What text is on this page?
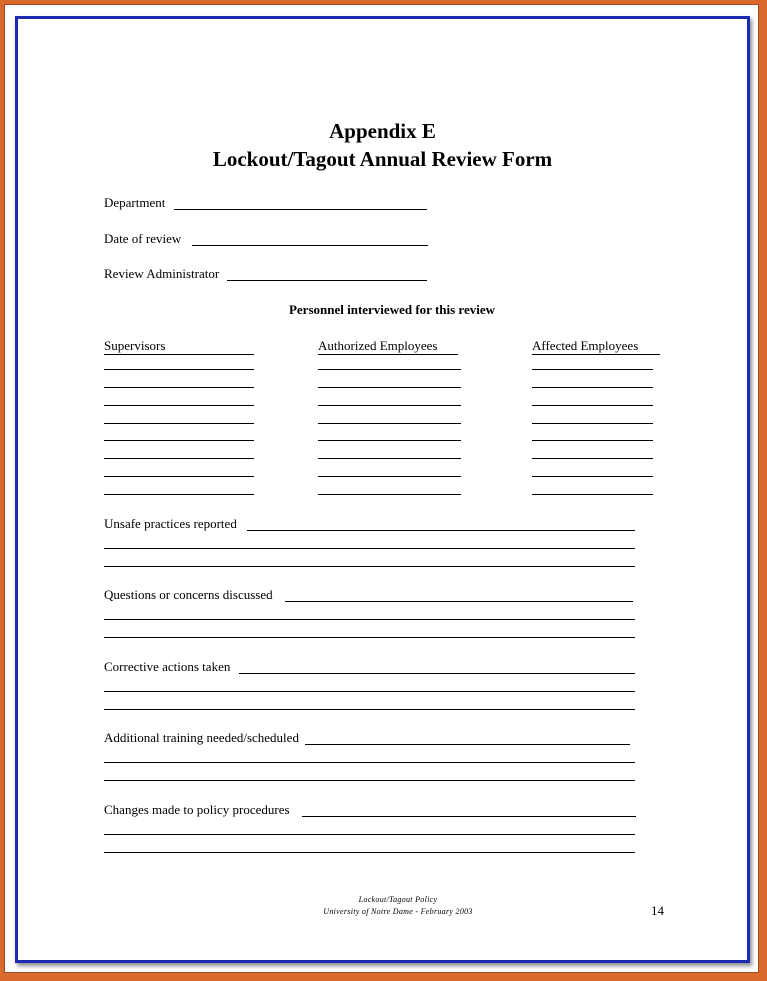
Appendix E
Lockout/Tagout Annual Review Form
Department
Date of review
Review Administrator
Personnel interviewed for this review
Supervisors	Authorized Employees	Affected Employees
Unsafe practices reported
Questions or concerns discussed
Corrective actions taken
Additional training needed/scheduled
Changes made to policy procedures
Lockout/Tagout Policy
University of Notre Dame - February 2003	14
